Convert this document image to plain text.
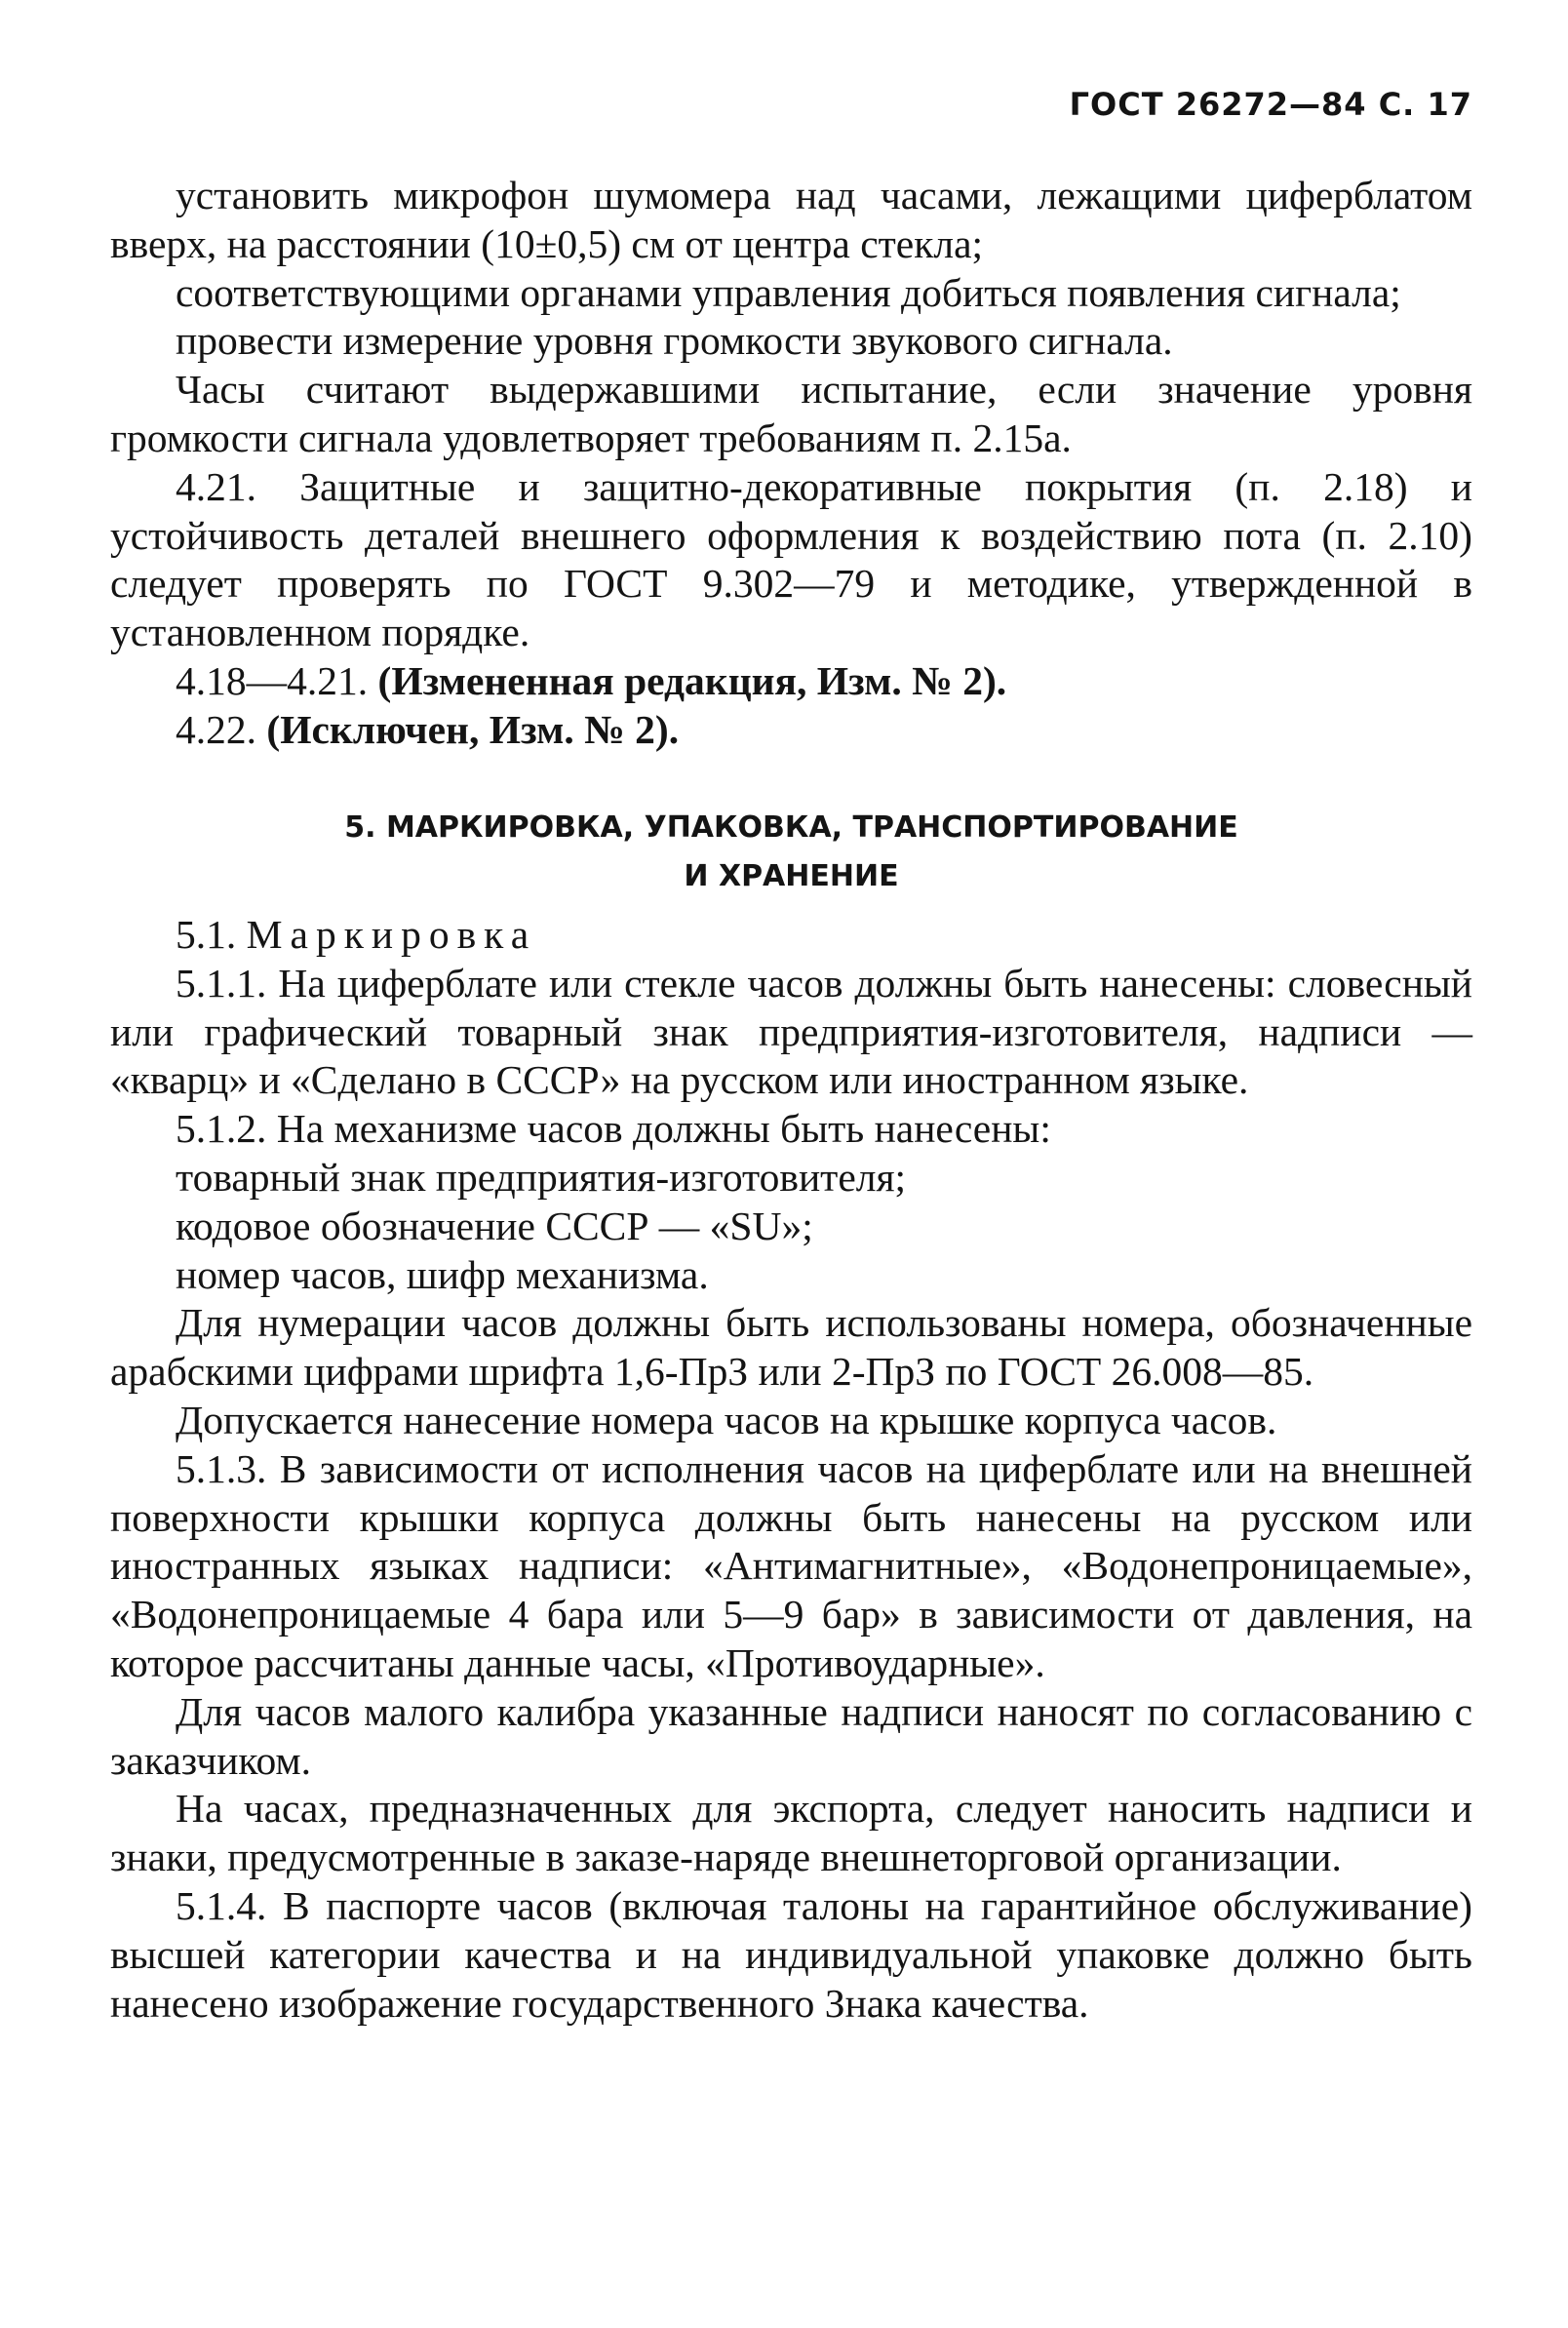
ГОСТ 26272—84 С. 17

установить микрофон шумомера над часами, лежащими циферблатом вверх, на расстоянии (10±0,5) см от центра стекла;

соответствующими органами управления добиться появления сигнала;

провести измерение уровня громкости звукового сигнала.

Часы считают выдержавшими испытание, если значение уровня громкости сигнала удовлетворяет требованиям п. 2.15а.

4.21. Защитные и защитно-декоративные покрытия (п. 2.18) и устойчивость деталей внешнего оформления к воздействию пота (п. 2.10) следует проверять по ГОСТ 9.302—79 и методике, утвержденной в установленном порядке.

4.18—4.21. (Измененная редакция, Изм. № 2).

4.22. (Исключен, Изм. № 2).

5. МАРКИРОВКА, УПАКОВКА, ТРАНСПОРТИРОВАНИЕ
И ХРАНЕНИЕ

5.1. Маркировка

5.1.1. На циферблате или стекле часов должны быть нанесены: словесный или графический товарный знак предприятия-изготовителя, надписи — «кварц» и «Сделано в СССР» на русском или иностранном языке.

5.1.2. На механизме часов должны быть нанесены:

товарный знак предприятия-изготовителя;

кодовое обозначение СССР — «SU»;

номер часов, шифр механизма.

Для нумерации часов должны быть использованы номера, обозначенные арабскими цифрами шрифта 1,6-ПрЗ или 2-ПрЗ по ГОСТ 26.008—85.

Допускается нанесение номера часов на крышке корпуса часов.

5.1.3. В зависимости от исполнения часов на циферблате или на внешней поверхности крышки корпуса должны быть нанесены на русском или иностранных языках надписи: «Антимагнитные», «Водонепроницаемые», «Водонепроницаемые 4 бара или 5—9 бар» в зависимости от давления, на которое рассчитаны данные часы, «Противоударные».

Для часов малого калибра указанные надписи наносят по согласованию с заказчиком.

На часах, предназначенных для экспорта, следует наносить надписи и знаки, предусмотренные в заказе-наряде внешнеторговой организации.

5.1.4. В паспорте часов (включая талоны на гарантийное обслуживание) высшей категории качества и на индивидуальной упаковке должно быть нанесено изображение государственного Знака качества.
